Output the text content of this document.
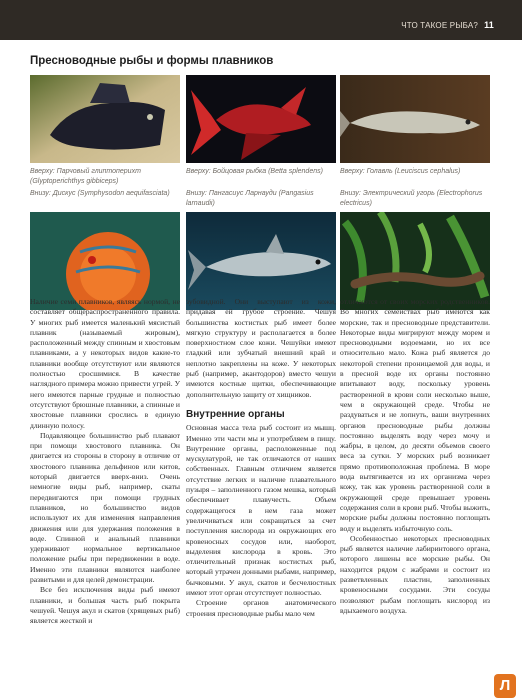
ЧТО ТАКОЕ РЫБА? 11
Пресноводные рыбы и формы плавников
Вверху: Парчовый глиптоперихт (Glyptoperichthys gibbiceps)
Вверху: Бойцовая рыбка (Betta splendens)	Вверху: Голавль (Leuciscus cephalus)
Внизу: Дискус (Symphysodon aequifasciata)	Внизу: Пангасиус Ларнауди (Pangasius larnaudii)
Внизу: Электрический угорь (Electrophorus electricus)

Наличие семи плавников, являясь нормой, не составляет общераспространенного правила. У многих рыб имеется маленький мясистый плавник (называемый жировым), расположенный между спинным и хвостовым плавниками, а у некоторых видов какие-то плавники вообще отсутствуют или являются полностью сросшимися. В качестве наглядного примера можно привести угрей. У него имеются парные грудные и полностью отсутствуют брюшные плавники, а спинные и хвостовые плавники срослись в единую длинную полосу.

Подавляющее большинство рыб плавают при помощи хвостового плавника. Он двигается из стороны в сторону в отличие от хвостового плавника дельфинов или китов, который двигается вверх-вниз. Очень немногие виды рыб, например, скаты передвигаются при помощи грудных плавников, но большинство видов используют их для изменения направления движения или для удержания положения в воде. Спинной и анальный плавники удерживают нормальное вертикальное положение рыбы при передвижении в воде. Именно эти плавники являются наиболее развитыми и для целей демонстрации.

Все без исключения виды рыб имеют плавники, и большая часть рыб покрыта чешуей. Чешуя акул и скатов (хрящевых рыб) является жесткой и

зубовидной. Они выступают из кожи, придавая ей грубое строение. Чешуя большинства костистых рыб имеет более мягкую структуру и располагается в более поверхностном слое кожи. Чешуйки имеют гладкий или зубчатый внешний край и неплотно закреплены на коже. У некоторых рыб (например, акантодоров) вместо чешуи имеются костные щитки, обеспечивающие дополнительную защиту от хищников.

Внутренние органы

Основная масса тела рыб состоит из мышц. Именно эти части мы и употребляем в пищу. Внутренние органы, расположенные под мускулатурой, не так отличаются от наших собственных. Главным отличием является отсутствие легких и наличие плавательного пузыря – заполненного газом мешка, который обеспечивает плавучесть. Объем содержащегося в нем газа может увеличиваться или сокращаться за счет поступления кислорода из окружающих его кровеносных сосудов или, наоборот, выделения кислорода в кровь. Это отличительный признак костистых рыб, который утрачен донными рыбами, например, бычковыми. У акул, скатов и бесчелюстных имеют этот орган отсутствует полностью.

Строение органов анатомического строения пресноводные рыбы мало чем

отличаются от своих морских родственников. Во многих семействах рыб имеются как морские, так и пресноводные представители. Некоторые виды мигрируют между морем и пресноводными водоемами, но их все относительно мало. Кожа рыб является до некоторой степени проницаемой для воды, и в пресной воде их органы постоянно впитывают воду, поскольку уровень растворенной в крови соли несколько выше, чем в окружающей среде. Чтобы не раздуваться и не лопнуть, ваши внутренних органов пресноводные рыбы должны постоянно выделять воду через мочу и жабры, в целом, до десяти объемов своего веса за сутки. У морских рыб возникает прямо противоположная проблема. В море вода вытягивается из их организма через кожу, так как уровень растворенной соли в окружающей среде превышает уровень содержания соли в крови рыб. Чтобы выжить, морские рыбы должны постоянно поглощать воду и выделять избыточную соль.

Особенностью некоторых пресноводных рыб является наличие лабиринтового органа, которого лишены все морские рыбы. Он находится рядом с жабрами и состоит из разветвленных пластин, заполненных кровеносными сосудами. Эти сосуды позволяют рыбам поглощать кислород из вдыхаемого воздуха.

Л
